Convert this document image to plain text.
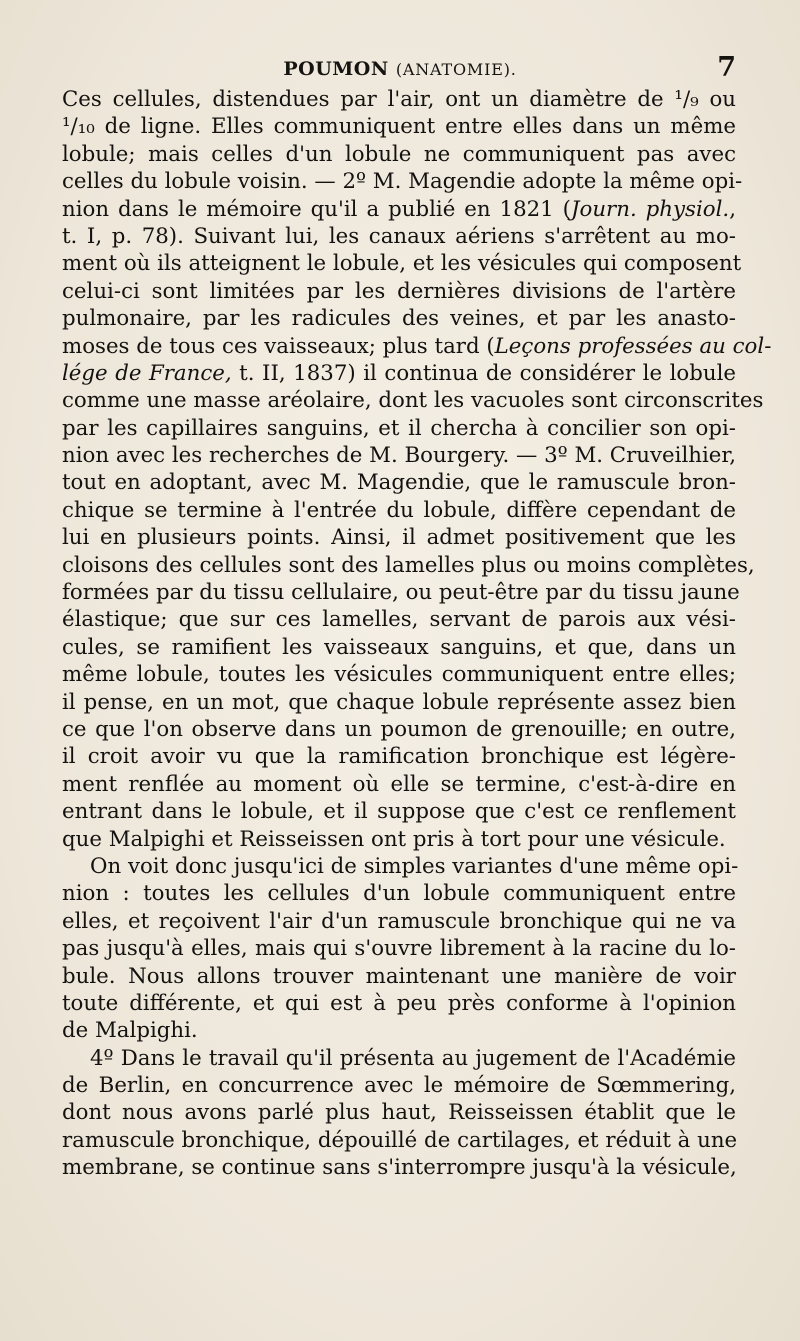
POUMON (ANATOMIE).	7
Ces cellules, distendues par l'air, ont un diamètre de ¹/₉ ou
¹/₁₀ de ligne. Elles communiquent entre elles dans un même
lobule; mais celles d'un lobule ne communiquent pas avec
celles du lobule voisin. — 2º M. Magendie adopte la même opi-
nion dans le mémoire qu'il a publié en 1821 (Journ. physiol.,
t. I, p. 78). Suivant lui, les canaux aériens s'arrêtent au mo-
ment où ils atteignent le lobule, et les vésicules qui composent
celui-ci sont limitées par les dernières divisions de l'artère
pulmonaire, par les radicules des veines, et par les anasto-
moses de tous ces vaisseaux; plus tard (Leçons professées au col-
lége de France, t. II, 1837) il continua de considérer le lobule
comme une masse aréolaire, dont les vacuoles sont circonscrites
par les capillaires sanguins, et il chercha à concilier son opi-
nion avec les recherches de M. Bourgery. — 3º M. Cruveilhier,
tout en adoptant, avec M. Magendie, que le ramuscule bron-
chique se termine à l'entrée du lobule, diffère cependant de
lui en plusieurs points. Ainsi, il admet positivement que les
cloisons des cellules sont des lamelles plus ou moins complètes,
formées par du tissu cellulaire, ou peut-être par du tissu jaune
élastique; que sur ces lamelles, servant de parois aux vési-
cules, se ramifient les vaisseaux sanguins, et que, dans un
même lobule, toutes les vésicules communiquent entre elles;
il pense, en un mot, que chaque lobule représente assez bien
ce que l'on observe dans un poumon de grenouille; en outre,
il croit avoir vu que la ramification bronchique est légère-
ment renflée au moment où elle se termine, c'est-à-dire en
entrant dans le lobule, et il suppose que c'est ce renflement
que Malpighi et Reisseissen ont pris à tort pour une vésicule.
On voit donc jusqu'ici de simples variantes d'une même opi-
nion : toutes les cellules d'un lobule communiquent entre
elles, et reçoivent l'air d'un ramuscule bronchique qui ne va
pas jusqu'à elles, mais qui s'ouvre librement à la racine du lo-
bule. Nous allons trouver maintenant une manière de voir
toute différente, et qui est à peu près conforme à l'opinion
de Malpighi.
4º Dans le travail qu'il présenta au jugement de l'Académie
de Berlin, en concurrence avec le mémoire de Sœmmering,
dont nous avons parlé plus haut, Reisseissen établit que le
ramuscule bronchique, dépouillé de cartilages, et réduit à une
membrane, se continue sans s'interrompre jusqu'à la vésicule,
